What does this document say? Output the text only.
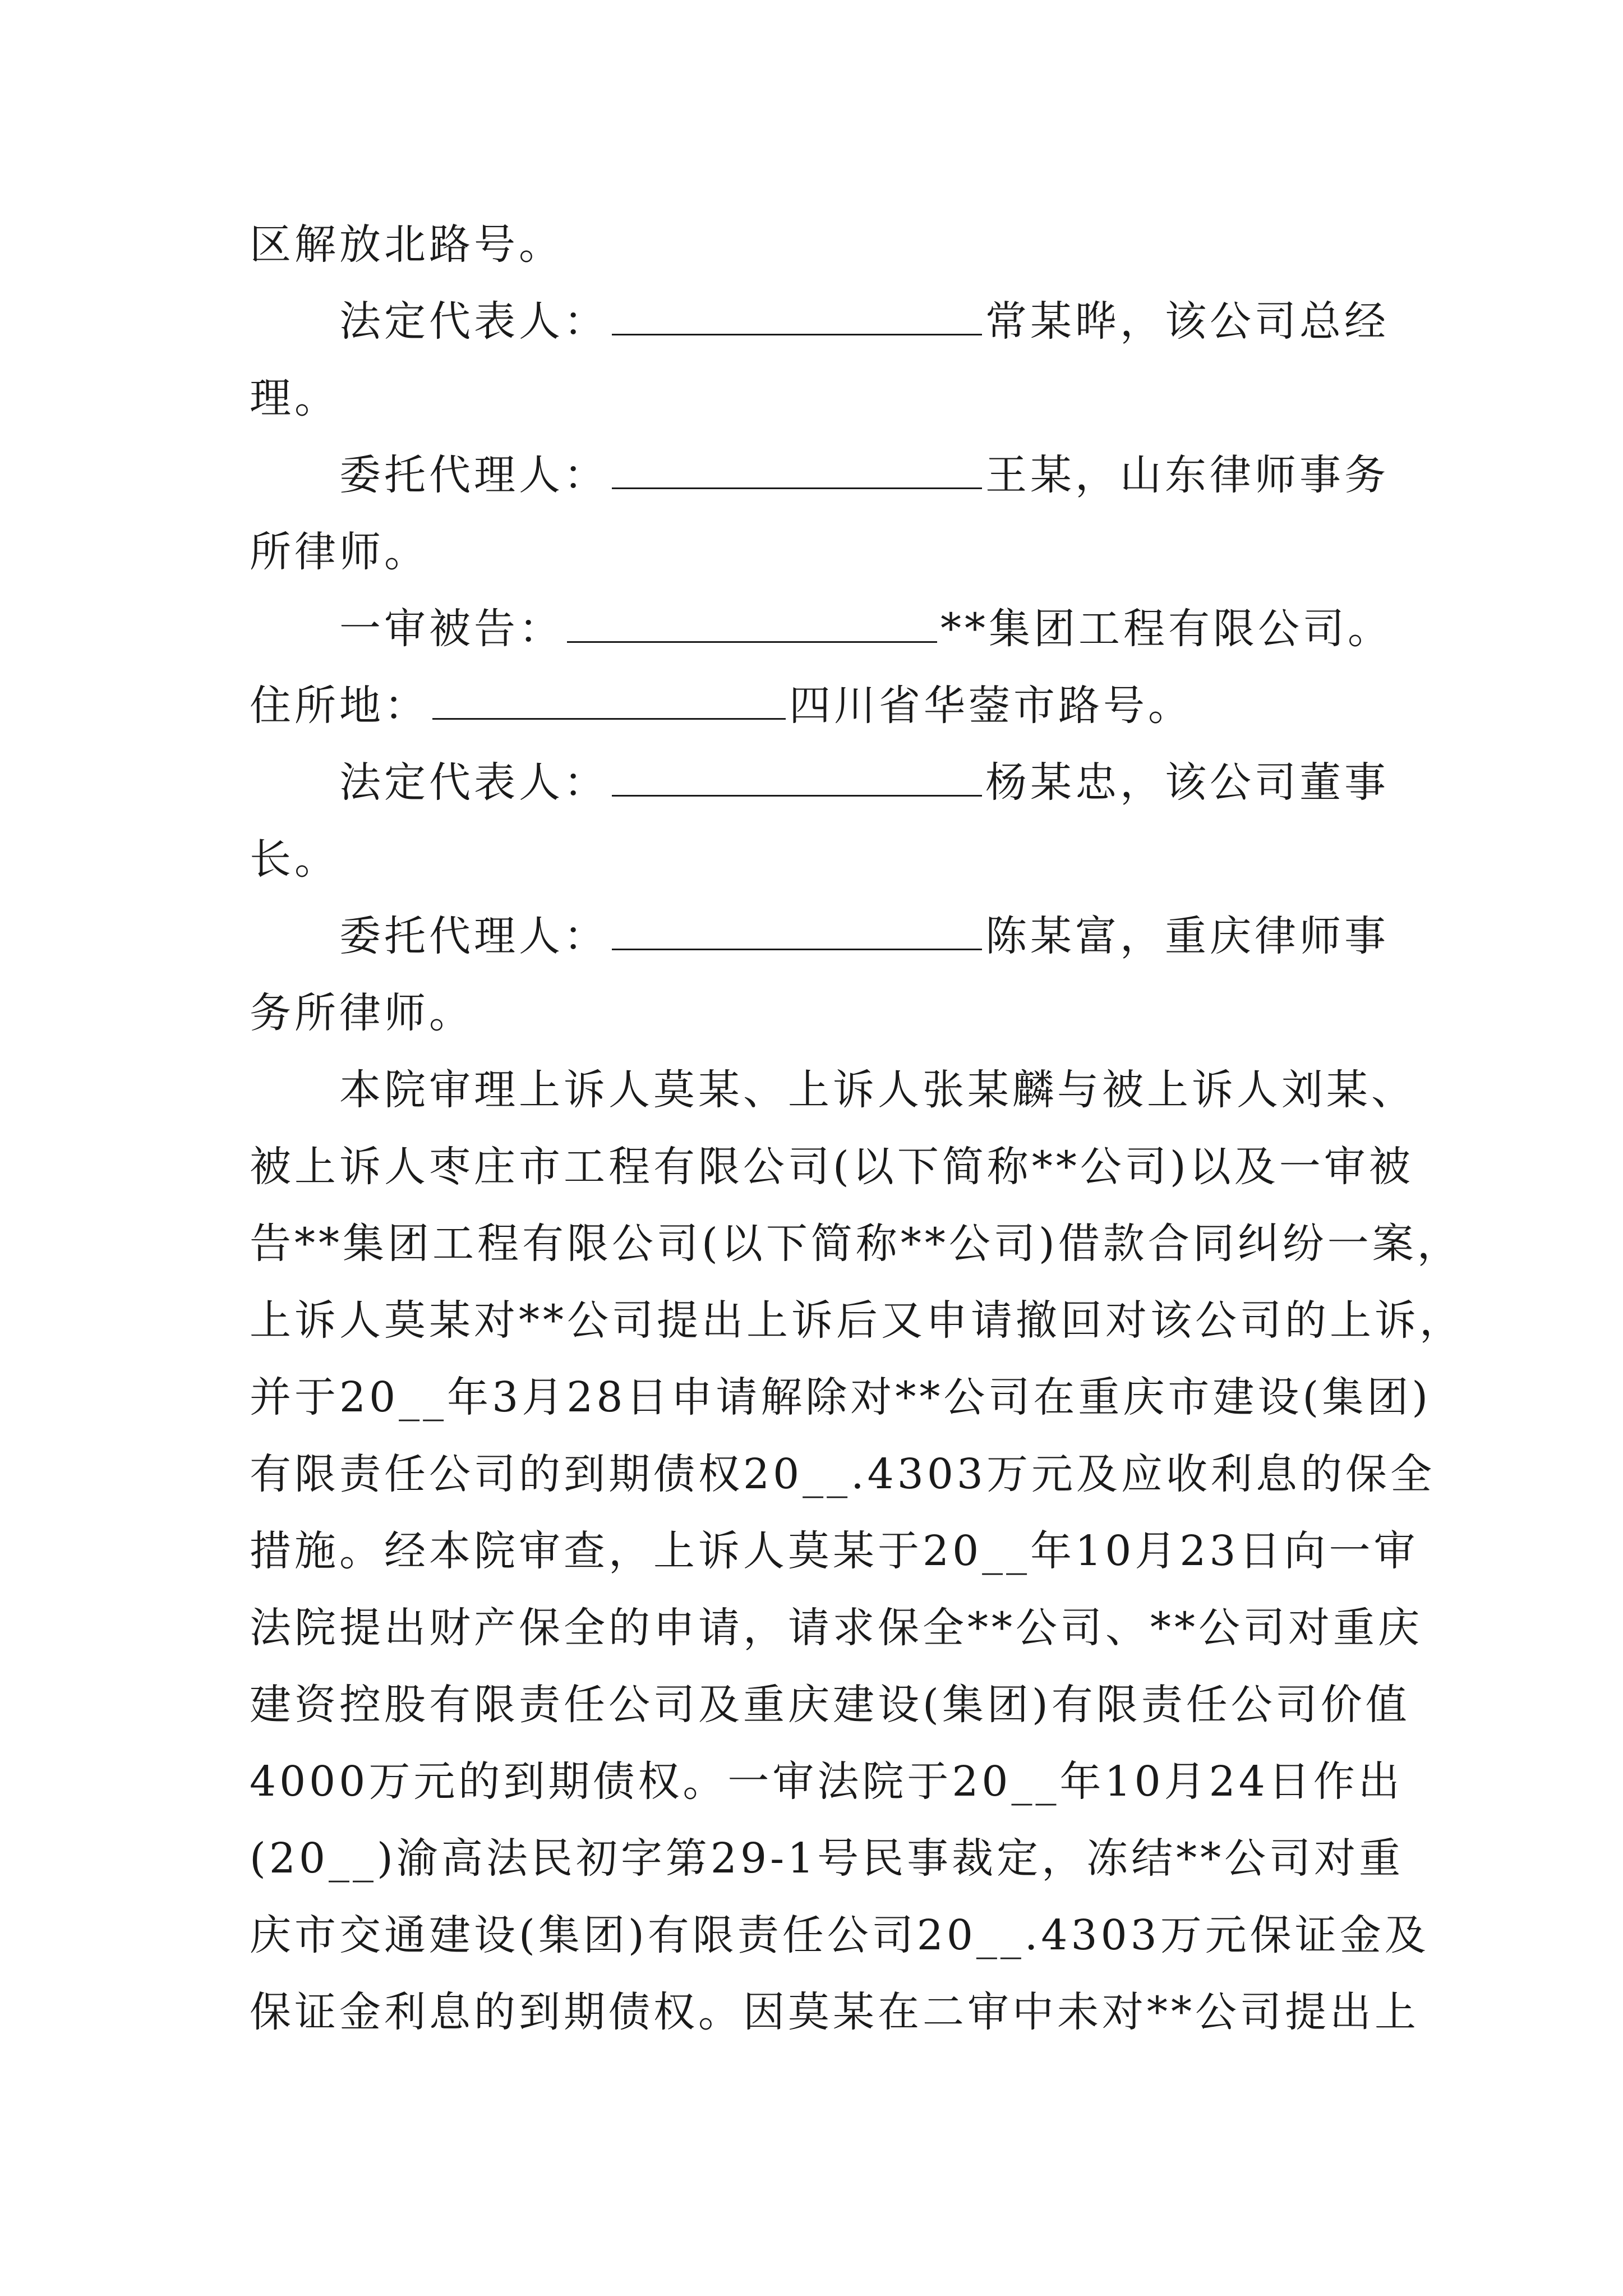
区解放北路号。
法定代表人：	常某晔，该公司总经
理。
委托代理人：	王某，山东律师事务
所律师。
一审被告：	**集团工程有限公司。
住所地：	四川省华蓥市路号。
法定代表人：	杨某忠，该公司董事
长。
委托代理人：	陈某富，重庆律师事
务所律师。
本院审理上诉人莫某、上诉人张某麟与被上诉人刘某、
被上诉人枣庄市工程有限公司(以下简称**公司)以及一审被
告**集团工程有限公司(以下简称**公司)借款合同纠纷一案，
上诉人莫某对**公司提出上诉后又申请撤回对该公司的上诉，
并于20__年3月28日申请解除对**公司在重庆市建设(集团)
有限责任公司的到期债权20__.4303万元及应收利息的保全
措施。经本院审查，上诉人莫某于20__年10月23日向一审
法院提出财产保全的申请，请求保全**公司、**公司对重庆
建资控股有限责任公司及重庆建设(集团)有限责任公司价值
4000万元的到期债权。一审法院于20__年10月24日作出
(20__)渝高法民初字第29-1号民事裁定，冻结**公司对重
庆市交通建设(集团)有限责任公司20__.4303万元保证金及
保证金利息的到期债权。因莫某在二审中未对**公司提出上
